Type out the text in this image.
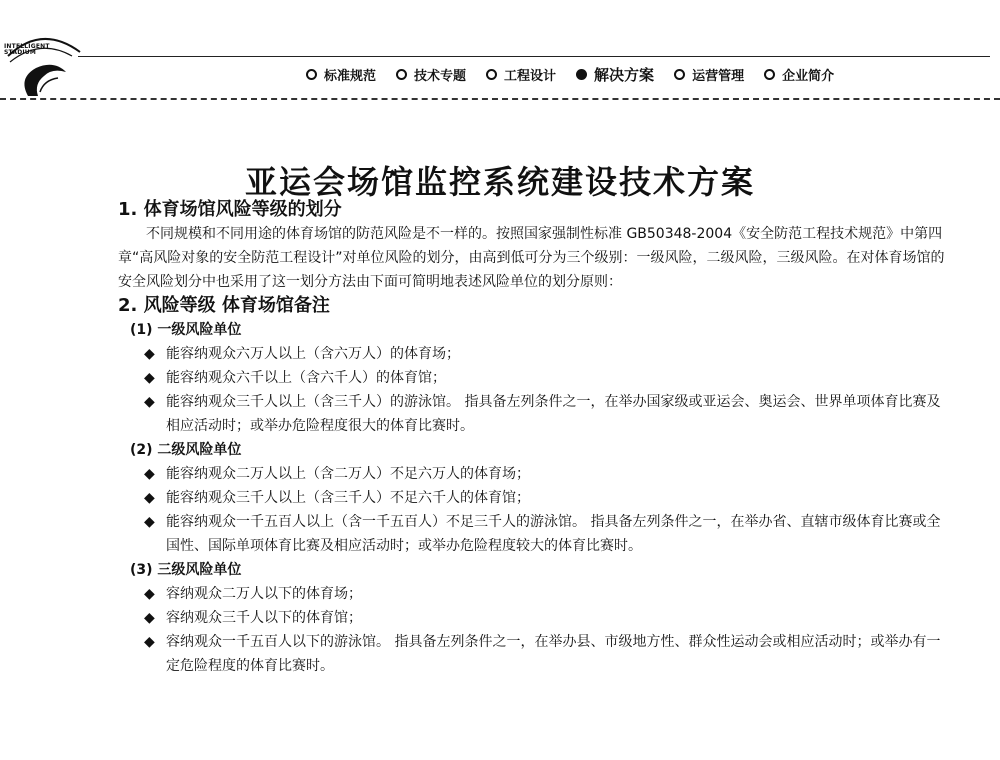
INTELLIGENT
STADIUM
标准规范	技术专题	工程设计	解决方案	运营管理	企业简介
亚运会场馆监控系统建设技术方案

1. 体育场馆风险等级的划分

不同规模和不同用途的体育场馆的防范风险是不一样的。按照国家强制性标准 GB50348-2004《安全防范工程技术规范》中第四章“高风险对象的安全防范工程设计”对单位风险的划分，由高到低可分为三个级别：一级风险，二级风险，三级风险。在对体育场馆的安全风险划分中也采用了这一划分方法由下面可简明地表述风险单位的划分原则：

2. 风险等级 体育场馆备注

(1) 一级风险单位

◆ 能容纳观众六万人以上（含六万人）的体育场；
◆ 能容纳观众六千以上（含六千人）的体育馆；
◆ 能容纳观众三千人以上（含三千人）的游泳馆。 指具备左列条件之一，在举办国家级或亚运会、奥运会、世界单项体育比赛及相应活动时；或举办危险程度很大的体育比赛时。

(2) 二级风险单位

◆ 能容纳观众二万人以上（含二万人）不足六万人的体育场；
◆ 能容纳观众三千人以上（含三千人）不足六千人的体育馆；
◆ 能容纳观众一千五百人以上（含一千五百人）不足三千人的游泳馆。 指具备左列条件之一，在举办省、直辖市级体育比赛或全国性、国际单项体育比赛及相应活动时；或举办危险程度较大的体育比赛时。

(3) 三级风险单位

◆ 容纳观众二万人以下的体育场；
◆ 容纳观众三千人以下的体育馆；
◆ 容纳观众一千五百人以下的游泳馆。 指具备左列条件之一，在举办县、市级地方性、群众性运动会或相应活动时；或举办有一定危险程度的体育比赛时。
